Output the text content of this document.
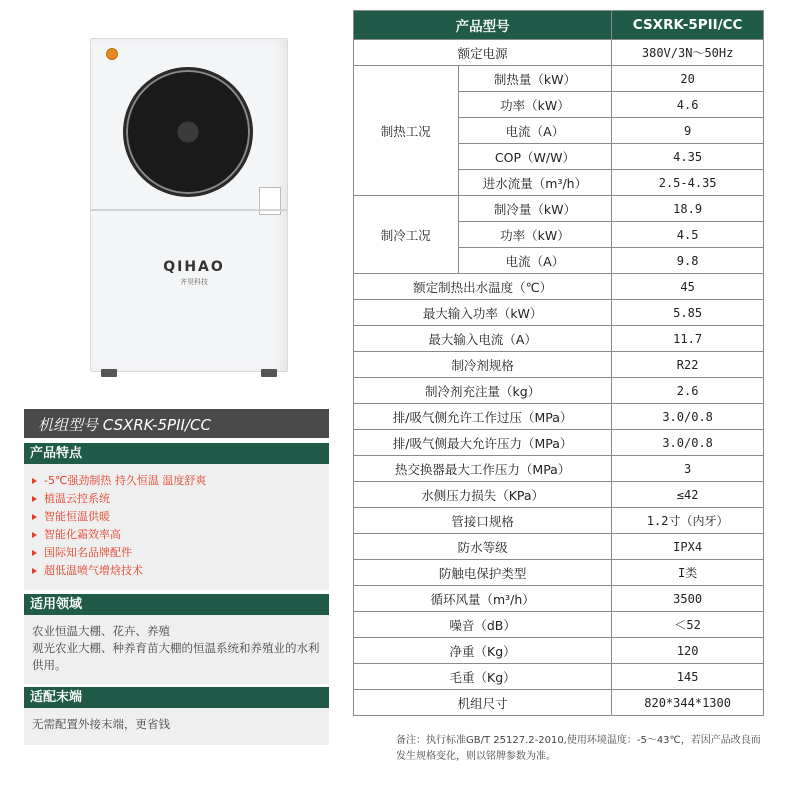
QIHAO
齐昊科技
机组型号 CSXRK-5PII/CC
产品特点
-5℃强劲制热 持久恒温 温度舒爽
植温云控系统
智能恒温供暖
智能化霜效率高
国际知名品牌配件
超低温喷气增焓技术
适用领域
农业恒温大棚、花卉、养殖
观光农业大棚、种养育苗大棚的恒温系统和养殖业的水利供用。
适配末端
无需配置外接末端，更省钱
产品型号		CSXRK-5PII/CC
额定电源		380V/3N～50Hz
制热工况	制热量（kW）	20
	功率（kW）	4.6
	电流（A）	9
	COP（W/W）	4.35
	进水流量（m³/h）	2.5-4.35
制冷工况	制冷量（kW）	18.9
	功率（kW）	4.5
	电流（A）	9.8
额定制热出水温度（℃）		45
最大输入功率（kW）		5.85
最大输入电流（A）		11.7
制冷剂规格		R22
制冷剂充注量（kg）		2.6
排/吸气侧允许工作过压（MPa）		3.0/0.8
排/吸气侧最大允许压力（MPa）		3.0/0.8
热交换器最大工作压力（MPa）		3
水侧压力损失（KPa）		≤42
管接口规格		1.2寸（内牙）
防水等级		IPX4
防触电保护类型		I类
循环风量（m³/h）		3500
噪音（dB）		＜52
净重（Kg）		120
毛重（Kg）		145
机组尺寸		820*344*1300
备注：执行标准GB/T 25127.2-2010,使用环境温度：-5～43℃，若因产品改良而发生规格变化，则以铭牌参数为准。
